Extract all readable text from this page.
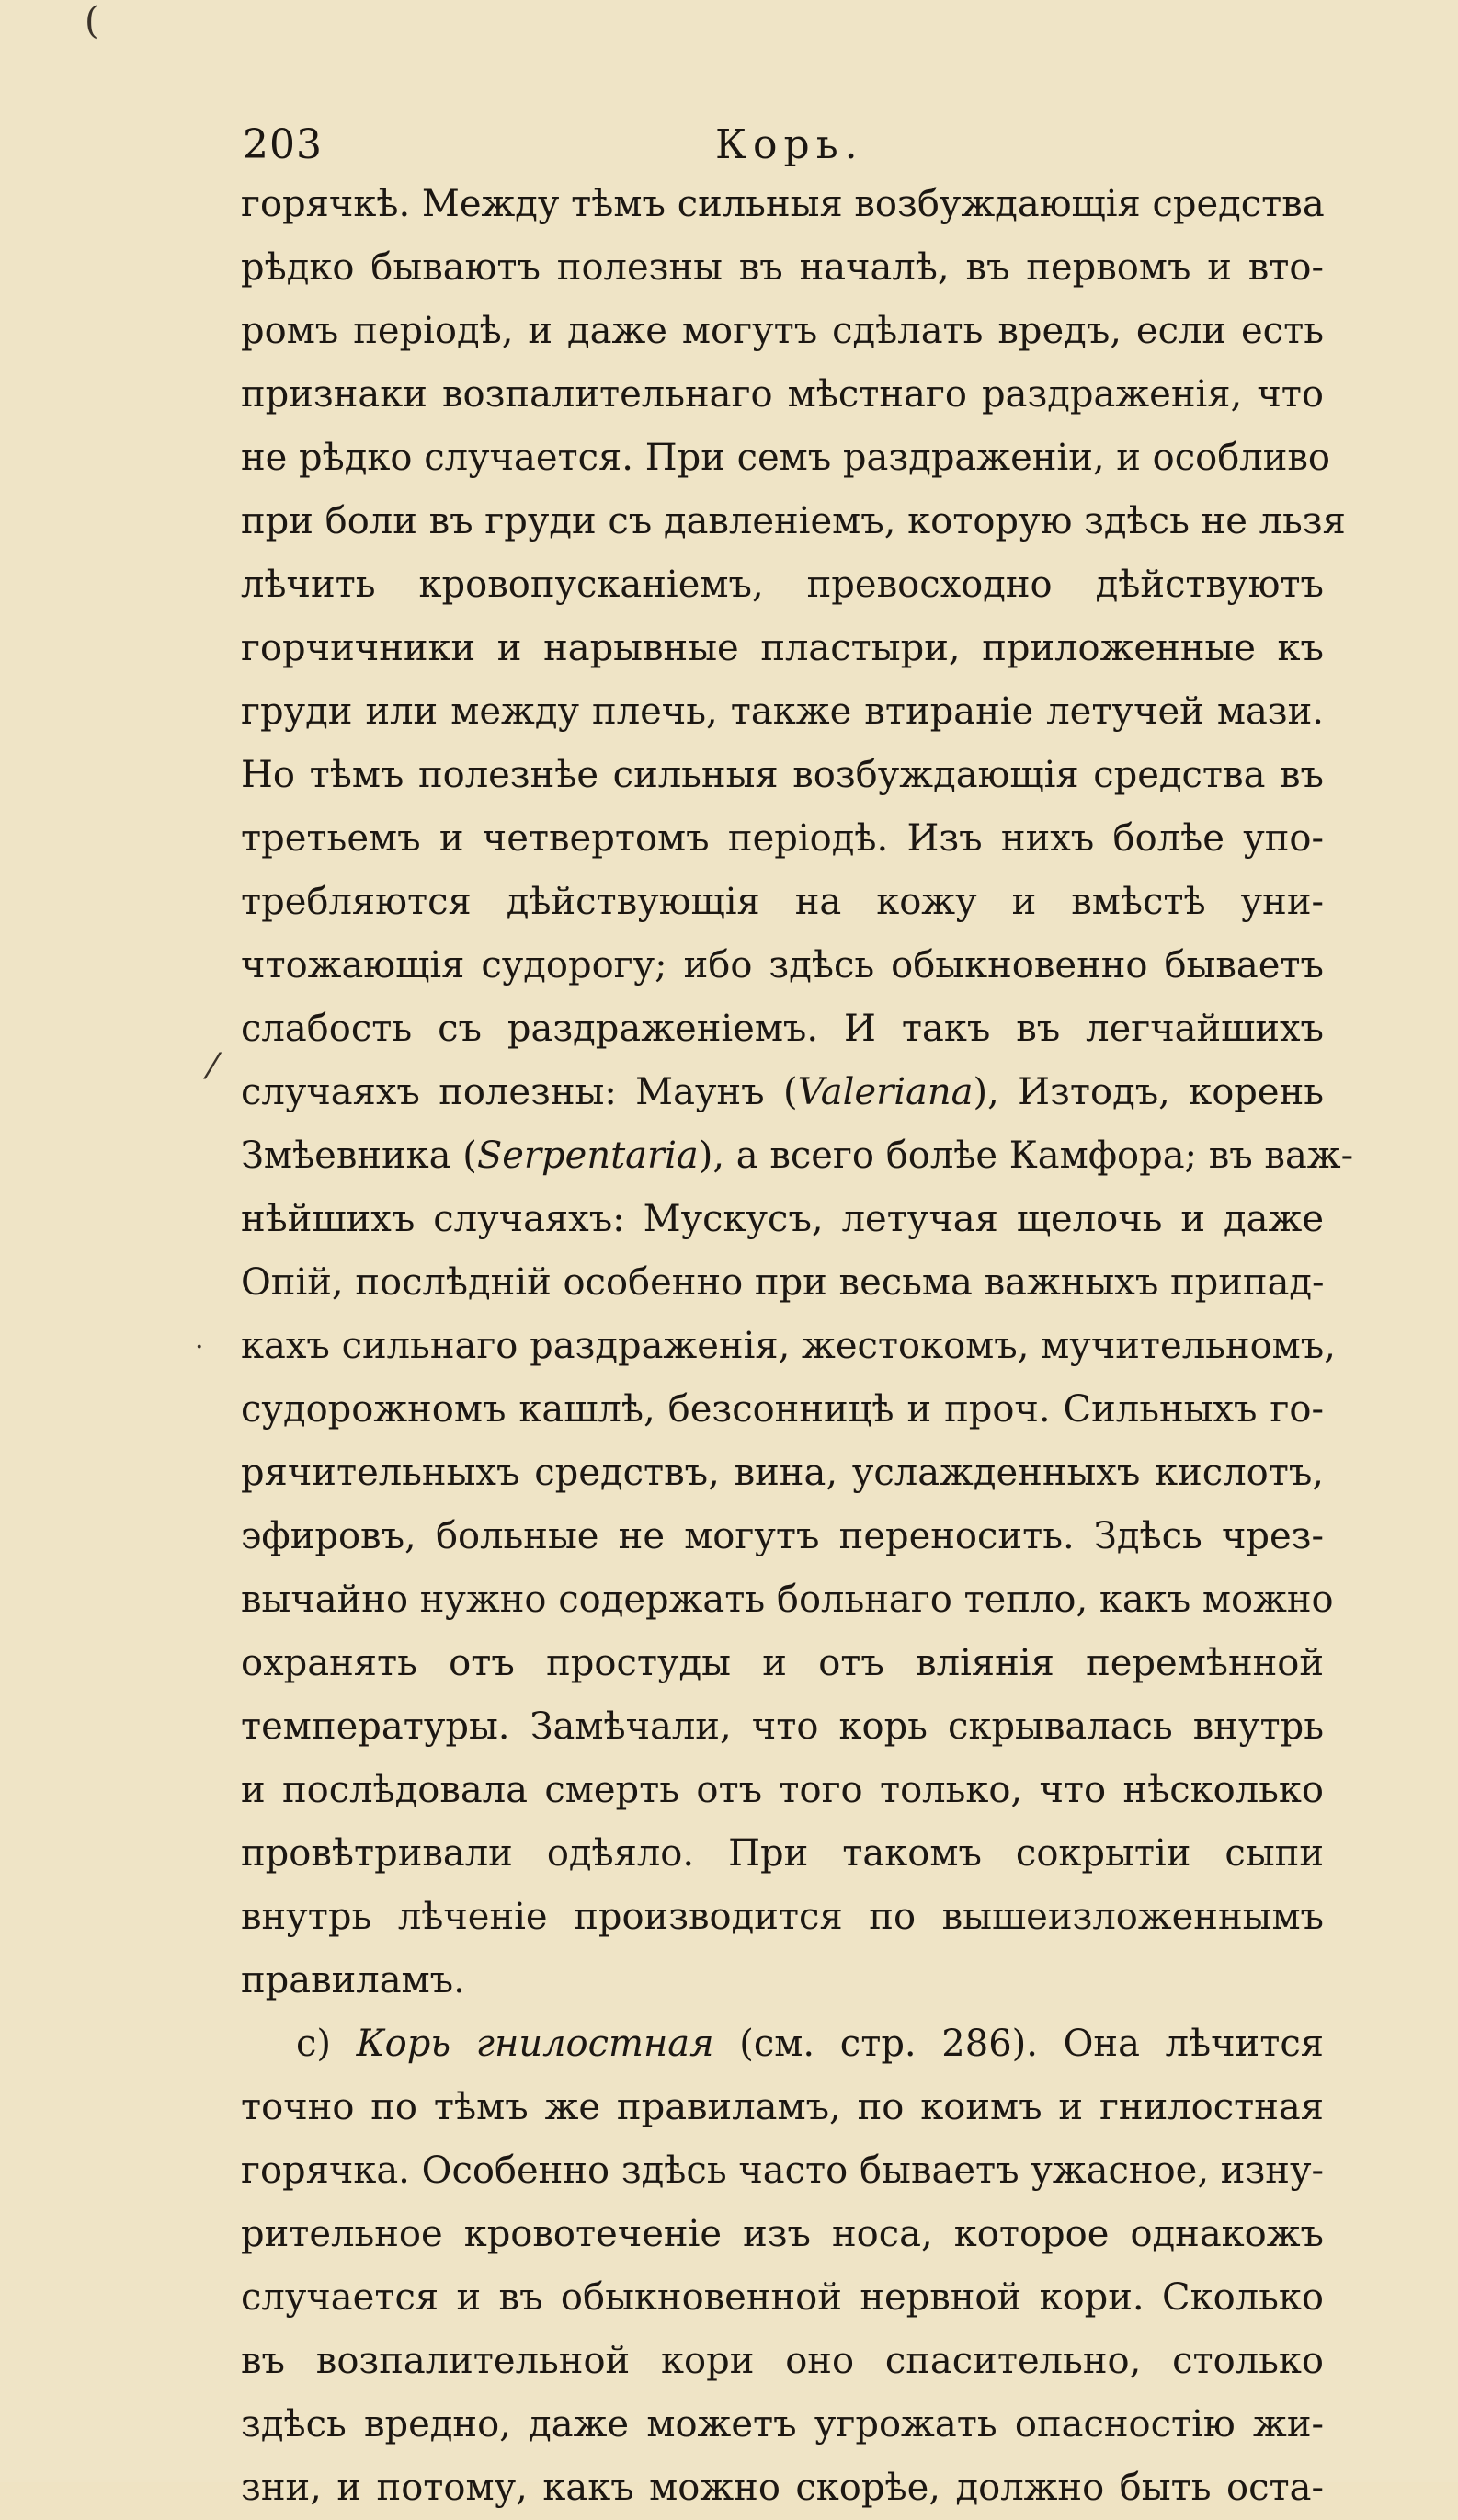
(
⁄
·
203	Корь.
горячкѣ. Между тѣмъ сильныя возбуждающія средства
рѣдко бываютъ полезны въ началѣ, въ первомъ и вто-
ромъ періодѣ, и даже могутъ сдѣлать вредъ, если есть
признаки возпалительнаго мѣстнаго раздраженія, что
не рѣдко случается. При семъ раздраженіи, и особливо
при боли въ груди съ давленіемъ, которую здѣсь не льзя
лѣчить кровопусканіемъ, превосходно дѣйствуютъ
горчичники и нарывные пластыри, приложенные къ
груди или между плечь, также втираніе летучей мази.
Но тѣмъ полезнѣе сильныя возбуждающія средства въ
третьемъ и четвертомъ періодѣ. Изъ нихъ болѣе упо-
требляются дѣйствующія на кожу и вмѣстѣ уни-
чтожающія судорогу; ибо здѣсь обыкновенно бываетъ
слабость съ раздраженіемъ. И такъ въ легчайшихъ
случаяхъ полезны: Маунъ (Valeriana), Изтодъ, корень
Змѣевника (Serpentaria), а всего болѣе Камфора; въ важ-
нѣйшихъ случаяхъ: Мускусъ, летучая щелочь и даже
Опій, послѣдній особенно при весьма важныхъ припад-
кахъ сильнаго раздраженія, жестокомъ, мучительномъ,
судорожномъ кашлѣ, безсонницѣ и проч. Сильныхъ го-
рячительныхъ средствъ, вина, услажденныхъ кислотъ,
эфировъ, больные не могутъ переносить. Здѣсь чрез-
вычайно нужно содержать больнаго тепло, какъ можно
охранять отъ простуды и отъ вліянія перемѣнной
температуры. Замѣчали, что корь скрывалась внутрь
и послѣдовала смерть отъ того только, что нѣсколько
провѣтривали одѣяло. При такомъ сокрытіи сыпи
внутрь лѣченіе производится по вышеизложеннымъ
правиламъ.
c) Корь гнилостная (см. стр. 286). Она лѣчится
точно по тѣмъ же правиламъ, по коимъ и гнилостная
горячка. Особенно здѣсь часто бываетъ ужасное, изну-
рительное кровотеченіе изъ носа, которое однакожъ
случается и въ обыкновенной нервной кори. Сколько
въ возпалительной кори оно спасительно, столько
здѣсь вредно, даже можетъ угрожать опасностію жи-
зни, и потому, какъ можно скорѣе, должно быть оста-
